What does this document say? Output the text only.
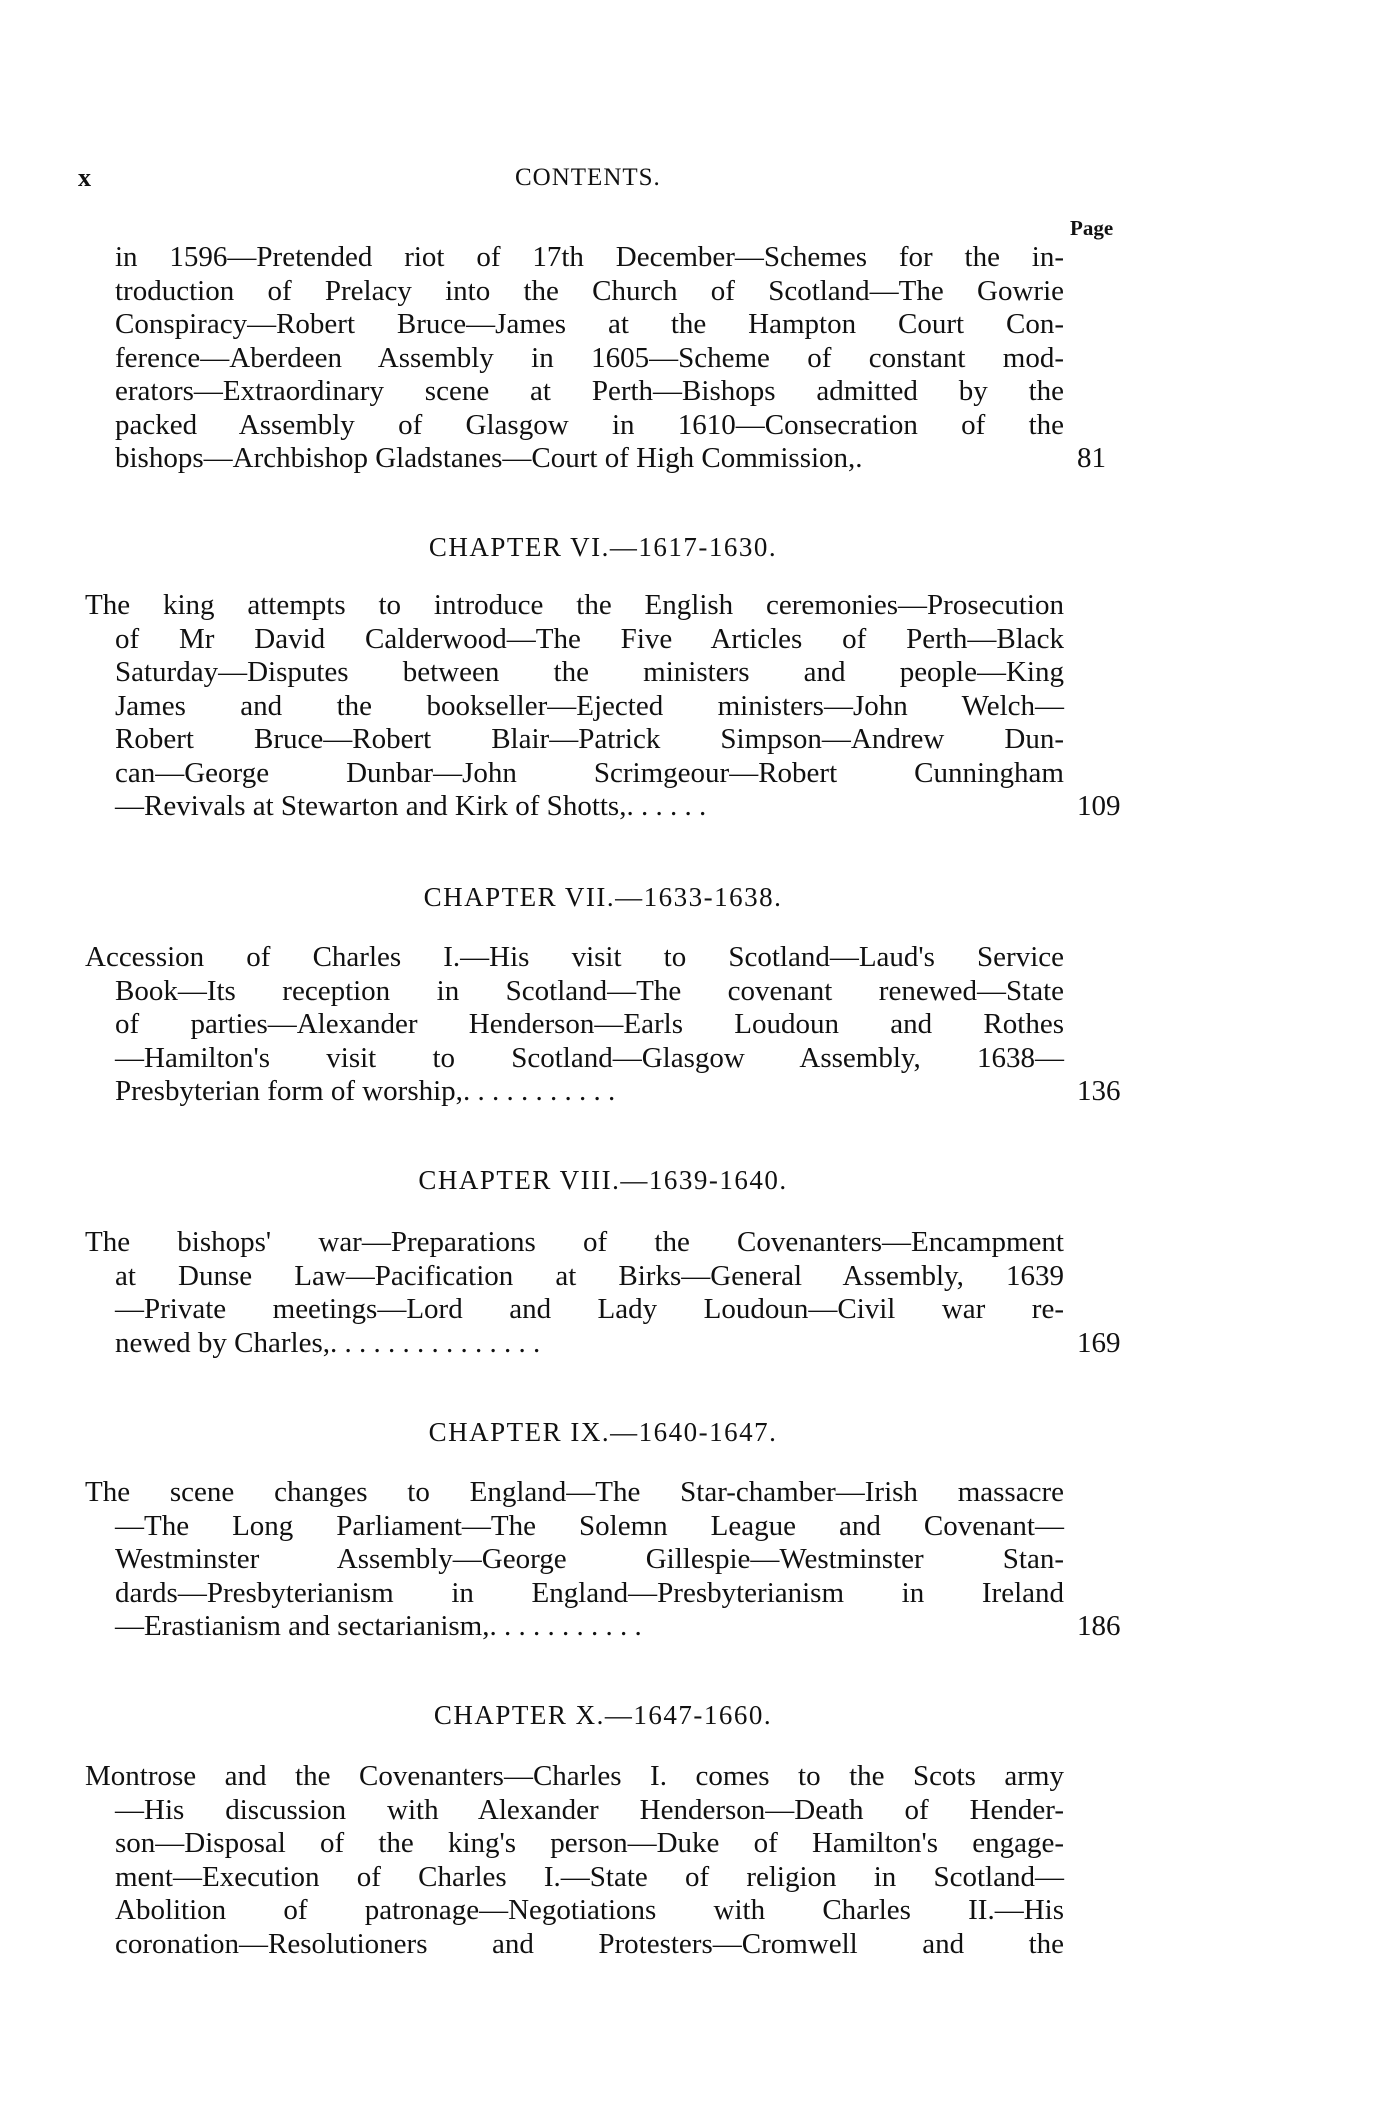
x	CONTENTS.
Page
in 1596—Pretended riot of 17th December—Schemes for the in-
troduction of Prelacy into the Church of Scotland—The Gowrie
Conspiracy—Robert Bruce—James at the Hampton Court Con-
ference—Aberdeen Assembly in 1605—Scheme of constant mod-
erators—Extraordinary scene at Perth—Bishops admitted by the
packed Assembly of Glasgow in 1610—Consecration of the
bishops—Archbishop Gladstanes—Court of High Commission, .	81
CHAPTER VI.—1617-1630.
The king attempts to introduce the English ceremonies—Prosecution
of Mr David Calderwood—The Five Articles of Perth—Black
Saturday—Disputes between the ministers and people—King
James and the bookseller—Ejected ministers—John Welch—
Robert Bruce—Robert Blair—Patrick Simpson—Andrew Dun-
can—George Dunbar—John Scrimgeour—Robert Cunningham
—Revivals at Stewarton and Kirk of Shotts, . . . . . .	109
CHAPTER VII.—1633-1638.
Accession of Charles I.—His visit to Scotland—Laud's Service
Book—Its reception in Scotland—The covenant renewed—State
of parties—Alexander Henderson—Earls Loudoun and Rothes
—Hamilton's visit to Scotland—Glasgow Assembly, 1638—
Presbyterian form of worship, . . . . . . . . . . .	136
CHAPTER VIII.—1639-1640.
The bishops' war—Preparations of the Covenanters—Encampment
at Dunse Law—Pacification at Birks—General Assembly, 1639
—Private meetings—Lord and Lady Loudoun—Civil war re-
newed by Charles, . . . . . . . . . . . . . . .	169
CHAPTER IX.—1640-1647.
The scene changes to England—The Star-chamber—Irish massacre
—The Long Parliament—The Solemn League and Covenant—
Westminster Assembly—George Gillespie—Westminster Stan-
dards—Presbyterianism in England—Presbyterianism in Ireland
—Erastianism and sectarianism, . . . . . . . . . . .	186
CHAPTER X.—1647-1660.
Montrose and the Covenanters—Charles I. comes to the Scots army
—His discussion with Alexander Henderson—Death of Hender-
son—Disposal of the king's person—Duke of Hamilton's engage-
ment—Execution of Charles I.—State of religion in Scotland—
Abolition of patronage—Negotiations with Charles II.—His
coronation—Resolutioners and Protesters—Cromwell and the
